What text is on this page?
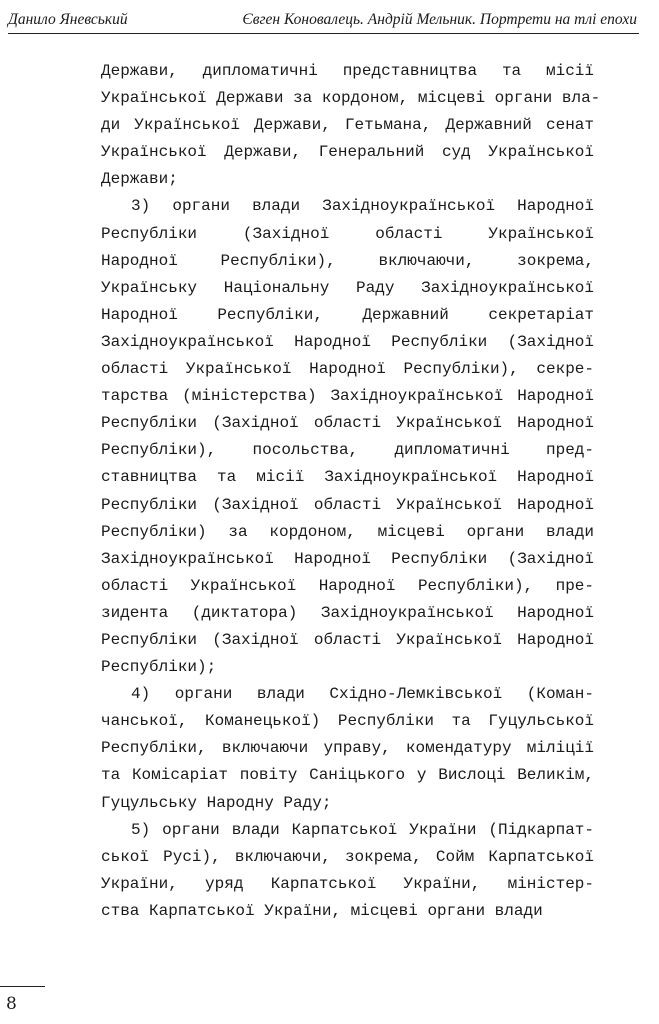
Данило Яневський	Євген Коновалець. Андрій Мельник. Портрети на тлі епохи
Держави, дипломатичні представництва та місії
Української Держави за кордоном, місцеві органи вла-
ди Української Держави, Гетьмана, Державний сенат
Української Держави, Генеральний суд Української
Держави;
3) органи влади Західноукраїнської Народної
Республіки (Західної області Української
Народної Республіки), включаючи, зокрема,
Українську Національну Раду Західноукраїнської
Народної Республіки, Державний секретаріат
Західноукраїнської Народної Республіки (Західної
області Української Народної Республіки), секре-
тарства (міністерства) Західноукраїнської Народної
Республіки (Західної області Української Народної
Республіки), посольства, дипломатичні пред-
ставництва та місії Західноукраїнської Народної
Республіки (Західної області Української Народної
Республіки) за кордоном, місцеві органи влади
Західноукраїнської Народної Республіки (Західної
області Української Народної Республіки), пре-
зидента (диктатора) Західноукраїнської Народної
Республіки (Західної області Української Народної
Республіки);
4) органи влади Східно-Лемківської (Коман-
чанської, Команецької) Республіки та Гуцульської
Республіки, включаючи управу, комендатуру міліції
та Комісаріат повіту Саніцького у Вислоці Великім,
Гуцульську Народну Раду;
5) органи влади Карпатської України (Підкарпат-
ської Русі), включаючи, зокрема, Сойм Карпатської
України, уряд Карпатської України, міністер-
ства Карпатської України, місцеві органи влади
8
